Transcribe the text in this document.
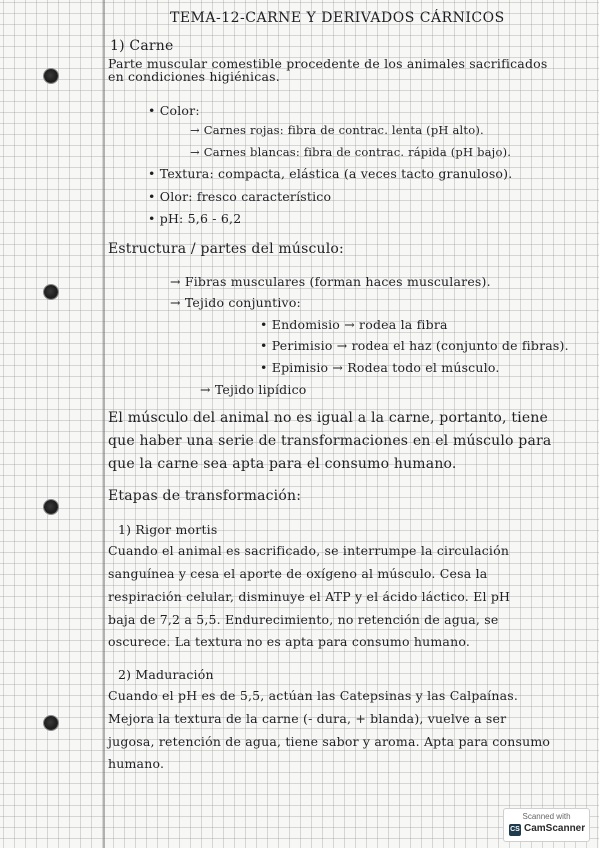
TEMA-12-CARNE Y DERIVADOS CÁRNICOS
1) Carne
Parte muscular comestible procedente de los animales sacrificados
en condiciones higiénicas.
• Color:
→ Carnes rojas: fibra de contrac. lenta (pH alto).
→ Carnes blancas: fibra de contrac. rápida (pH bajo).
• Textura: compacta, elástica (a veces tacto granuloso).
• Olor: fresco característico
• pH: 5,6 - 6,2
Estructura / partes del músculo:
→ Fibras musculares (forman haces musculares).
→ Tejido conjuntivo:
• Endomisio → rodea la fibra
• Perimisio → rodea el haz (conjunto de fibras).
• Epimisio → Rodea todo el músculo.
→ Tejido lipídico
El músculo del animal no es igual a la carne, portanto, tiene
que haber una serie de transformaciones en el músculo para
que la carne sea apta para el consumo humano.
Etapas de transformación:
1) Rigor mortis
Cuando el animal es sacrificado, se interrumpe la circulación
sanguínea y cesa el aporte de oxígeno al músculo. Cesa la
respiración celular, disminuye el ATP y el ácido láctico. El pH
baja de 7,2 a 5,5. Endurecimiento, no retención de agua, se
oscurece. La textura no es apta para consumo humano.
2) Maduración
Cuando el pH es de 5,5, actúan las Catepsinas y las Calpaínas.
Mejora la textura de la carne (- dura, + blanda), vuelve a ser
jugosa, retención de agua, tiene sabor y aroma. Apta para consumo
humano.
Scanned with
CS CamScanner
